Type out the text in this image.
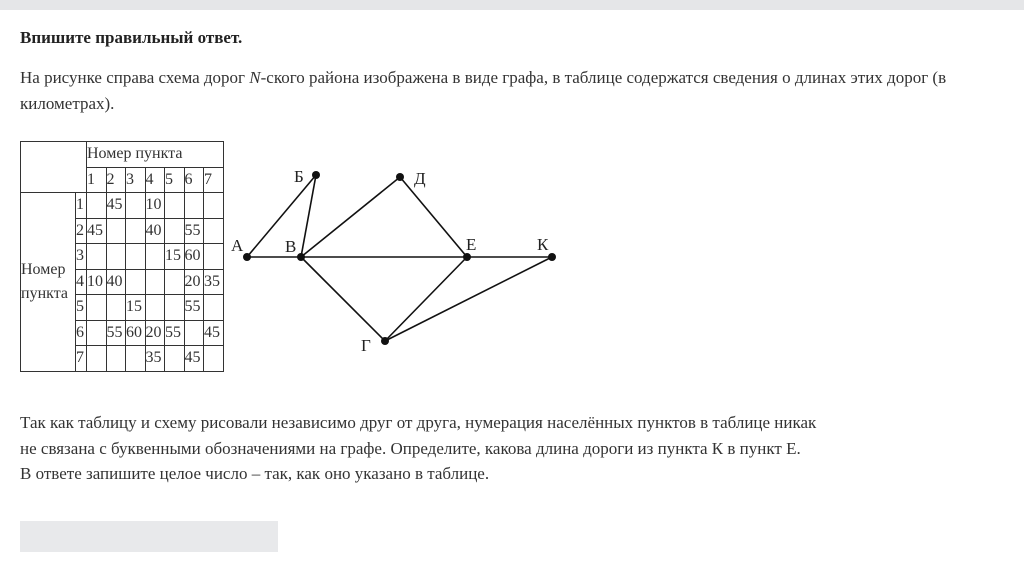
Впишите правильный ответ.
На рисунке справа схема дорог N-ского района изображена в виде графа, в таблице содержатся сведения о длинах этих дорог (в километрах).
		Номер пункта						
		1	2	3	4	5	6	7

Номер
пункта	1		45		10			
	2	45			40		55	
	3					15	60	
	4	10	40				20	35
	5			15			55	
	6		55	60	20	55		45
	7				35		45	
А
Б
В
Д
Е	К
Г
Так как таблицу и схему рисовали независимо друг от друга, нумерация населённых пунктов в таблице никак
не связана с буквенными обозначениями на графе. Определите, какова длина дороги из пункта К в пункт Е.
В ответе запишите целое число – так, как оно указано в таблице.
